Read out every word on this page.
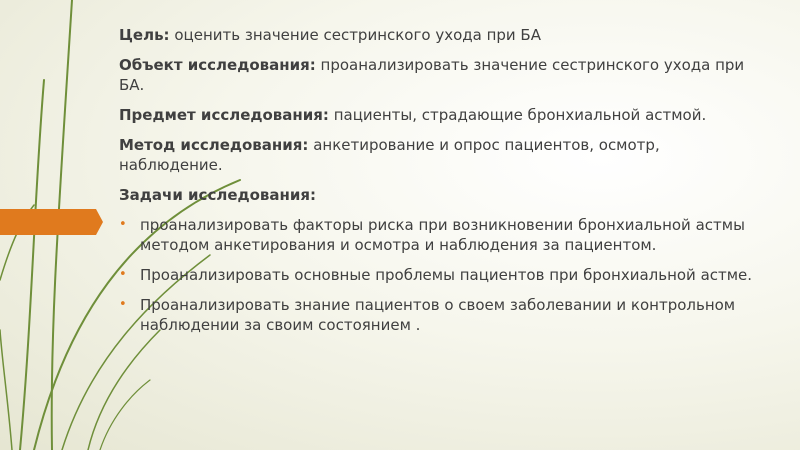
Цель: оценить значение сестринского ухода при БА
Объект исследования: проанализировать значение сестринского ухода при БА.
Предмет исследования: пациенты, страдающие бронхиальной астмой.
Метод исследования: анкетирование и опрос пациентов, осмотр, наблюдение.
Задачи исследования:
• проанализировать факторы риска при возникновении бронхиальной астмы методом анкетирования и осмотра и наблюдения за пациентом.
• Проанализировать основные проблемы пациентов при бронхиальной астме.
• Проанализировать знание пациентов о своем заболевании и контрольном наблюдении за своим состоянием .
